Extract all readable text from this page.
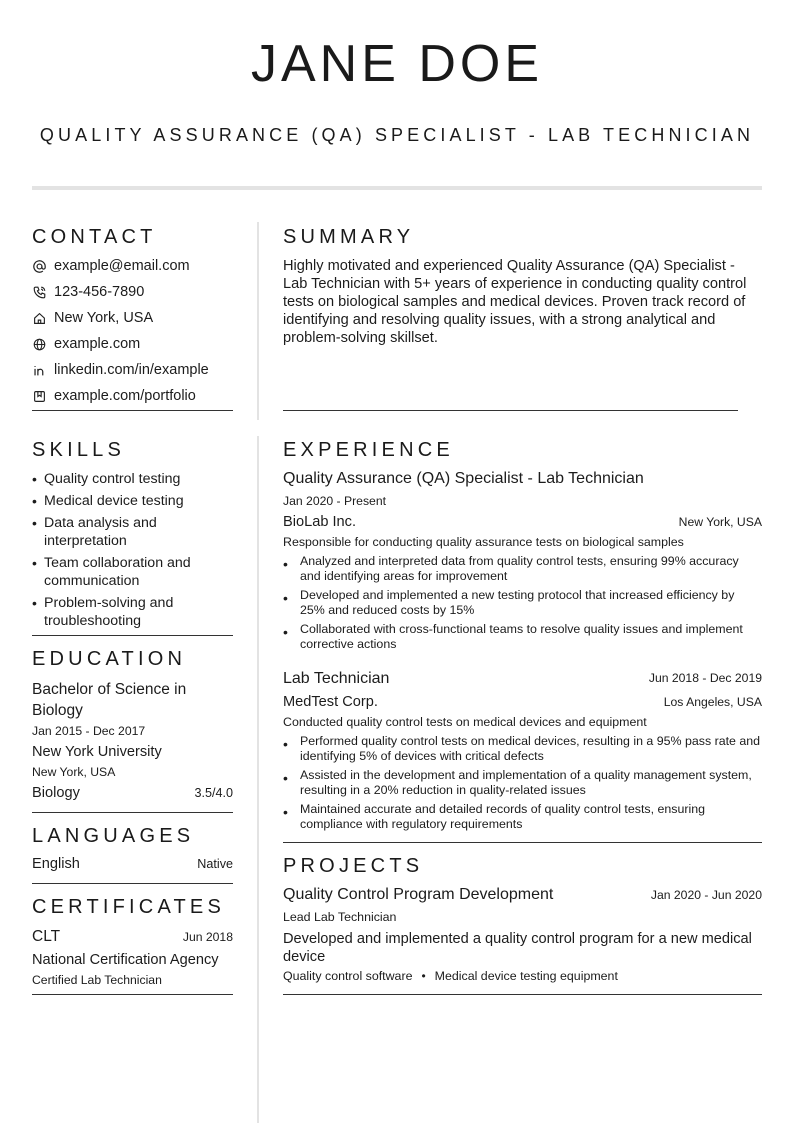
JANE DOE
QUALITY ASSURANCE (QA) SPECIALIST - LAB TECHNICIAN
CONTACT
example@email.com
123-456-7890
New York, USA
example.com
linkedin.com/in/example
example.com/portfolio
SKILLS
• Quality control testing
• Medical device testing
• Data analysis and interpretation
• Team collaboration and communication
• Problem-solving and troubleshooting
EDUCATION
Bachelor of Science in Biology
Jan 2015 - Dec 2017
New York University
New York, USA
Biology	3.5/4.0
LANGUAGES
English	Native
CERTIFICATES
CLT	Jun 2018
National Certification Agency
Certified Lab Technician
SUMMARY
Highly motivated and experienced Quality Assurance (QA) Specialist - Lab Technician with 5+ years of experience in conducting quality control tests on biological samples and medical devices. Proven track record of identifying and resolving quality issues, with a strong analytical and problem-solving skillset.
EXPERIENCE
Quality Assurance (QA) Specialist - Lab Technician
Jan 2020 - Present
BioLab Inc.	New York, USA
Responsible for conducting quality assurance tests on biological samples
• Analyzed and interpreted data from quality control tests, ensuring 99% accuracy and identifying areas for improvement
• Developed and implemented a new testing protocol that increased efficiency by 25% and reduced costs by 15%
• Collaborated with cross-functional teams to resolve quality issues and implement corrective actions
Lab Technician	Jun 2018 - Dec 2019
MedTest Corp.	Los Angeles, USA
Conducted quality control tests on medical devices and equipment
• Performed quality control tests on medical devices, resulting in a 95% pass rate and identifying 5% of devices with critical defects
• Assisted in the development and implementation of a quality management system, resulting in a 20% reduction in quality-related issues
• Maintained accurate and detailed records of quality control tests, ensuring compliance with regulatory requirements
PROJECTS
Quality Control Program Development	Jan 2020 - Jun 2020
Lead Lab Technician
Developed and implemented a quality control program for a new medical device
Quality control software • Medical device testing equipment
